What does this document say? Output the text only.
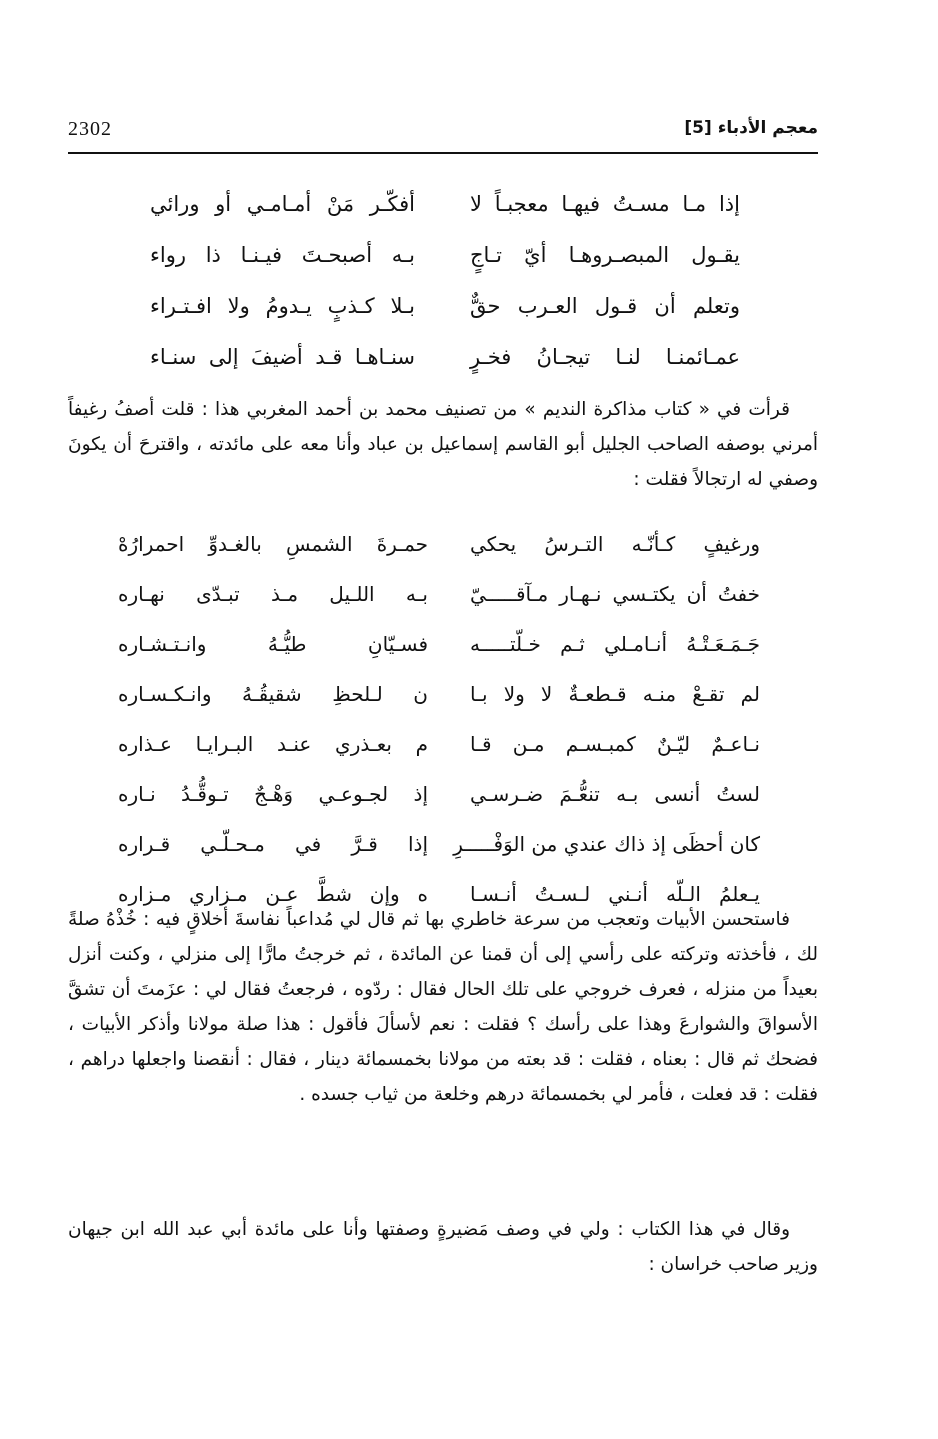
2302	معجم الأدباء [5]
إذا مـا مسـتُ فيهـا معجبـاً لا
أفكّـر مَنْ أمـامـي أو ورائي
يقـول المبصـروهـا أيّ تـاجٍ
بـه أصبحـتَ فيـنـا ذا رواء
وتعلم أن قـول العـرب حقٌّ
بـلا كـذبٍ يـدومُ ولا افـتـراء
عمـائمنـا لنـا تيجـانُ فخـرٍ
سنـاهـا قـد أضيفَ إلى سنـاء

قرأت في « كتاب مذاكرة النديم » من تصنيف محمد بن أحمد المغربي هذا : قلت أصفُ رغيفاً أمرني بوصفه الصاحب الجليل أبو القاسم إسماعيل بن عباد وأنا معه على مائدته ، واقترحَ أن يكونَ وصفي له ارتجالاً فقلت :

ورغيفٍ كـأنّـه التـرسُ يحكي
حمـرةَ الشمسِ بالغـدوِّ احمرارُهْ
خفتُ أن يكتـسي نـهـار مـآقـــــيّ
بـه اللـيل مـذ تبـدّى نهـاره
جَـمَـعَـتْـهُ أنـامـلي ثـم خـلّتـــــه
فسـيّانِ طيُّـهُ وانـتـشـاره
لم تقـعْ منـه قـطعـةٌ لا ولا بـا
ن لـلحظِ شقيقُـهُ وانـكـسـاره
نـاعـمٌ ليّـنٌ كمبـسـم مـن قـا
م بعـذري عنـد البـرايـا عـذاره
لستُ أنسى بـه تنعُّـمَ ضـرسـي
إذ لجـوعـي وَهْـجٌ تـوقُّـدُ نـاره
كان أحظَى إذ ذاك عندي من الوَفْـــــرِ
إذا قـرَّ في مـحـلّـي قـراره
يـعلمُ الـلّه أنـني لـسـتُ أنـسـا
ه وإن شطَّ عـن مـزاري مـزاره

فاستحسن الأبيات وتعجب من سرعة خاطري بها ثم قال لي مُداعباً نفاسةَ أخلاقٍ فيه : خُذْهُ صلةً لك ، فأخذته وتركته على رأسي إلى أن قمنا عن المائدة ، ثم خرجتُ مارًّا إلى منزلي ، وكنت أنزل بعيداً من منزله ، فعرف خروجي على تلك الحال فقال : ردّوه ، فرجعتُ فقال لي : عزَمتَ أن تشقَّ الأسواقَ والشوارعَ وهذا على رأسك ؟ فقلت : نعم لأسألَ فأقول : هذا صلة مولانا وأذكر الأبيات ، فضحك ثم قال : بعناه ، فقلت : قد بعته من مولانا بخمسمائة دينار ، فقال : أنقصنا واجعلها دراهم ، فقلت : قد فعلت ، فأمر لي بخمسمائة درهم وخلعة من ثياب جسده .

وقال في هذا الكتاب : ولي في وصف مَضيرةٍ وصفتها وأنا على مائدة أبي عبد الله ابن جيهان وزير صاحب خراسان :
